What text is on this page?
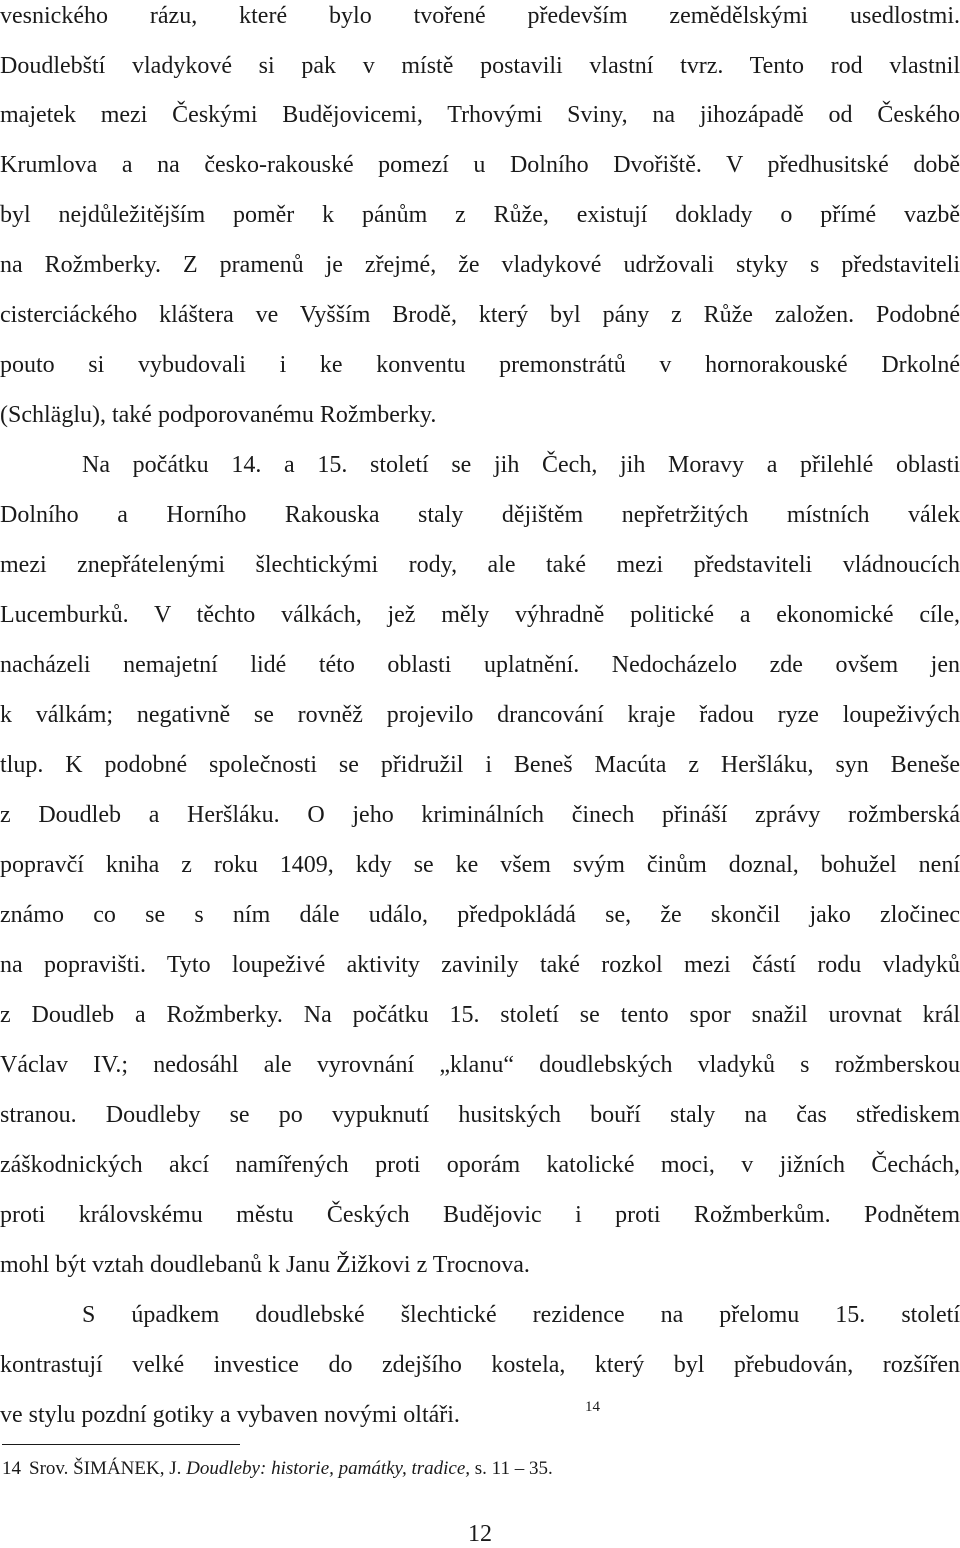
vesnického rázu, které bylo tvořené především zemědělskými usedlostmi.
Doudlebští vladykové si pak v místě postavili vlastní tvrz. Tento rod vlastnil
majetek mezi Českými Budějovicemi, Trhovými Sviny, na jihozápadě od Českého
Krumlova a na česko-rakouské pomezí u Dolního Dvořiště. V předhusitské době
byl nejdůležitějším poměr k pánům z Růže, existují doklady o přímé vazbě
na Rožmberky. Z pramenů je zřejmé, že vladykové udržovali styky s představiteli
cisterciáckého kláštera ve Vyšším Brodě, který byl pány z Růže založen. Podobné
pouto si vybudovali i ke konventu premonstrátů v hornorakouské Drkolné
(Schläglu), také podporovanému Rožmberky.
Na počátku 14. a 15. století se jih Čech, jih Moravy a přilehlé oblasti
Dolního a Horního Rakouska staly dějištěm nepřetržitých místních válek
mezi znepřátelenými šlechtickými rody, ale také mezi představiteli vládnoucích
Lucemburků. V těchto válkách, jež měly výhradně politické a ekonomické cíle,
nacházeli nemajetní lidé této oblasti uplatnění. Nedocházelo zde ovšem jen
k válkám; negativně se rovněž projevilo drancování kraje řadou ryze loupeživých
tlup. K podobné společnosti se přidružil i Beneš Macúta z Heršláku, syn Beneše
z Doudleb a Heršláku. O jeho kriminálních činech přináší zprávy rožmberská
popravčí kniha z roku 1409, kdy se ke všem svým činům doznal, bohužel není
známo co se s ním dále událo, předpokládá se, že skončil jako zločinec
na popravišti. Tyto loupeživé aktivity zavinily také rozkol mezi částí rodu vladyků
z Doudleb a Rožmberky. Na počátku 15. století se tento spor snažil urovnat král
Václav IV.; nedosáhl ale vyrovnání „klanu“ doudlebských vladyků s rožmberskou
stranou. Doudleby se po vypuknutí husitských bouří staly na čas střediskem
záškodnických akcí namířených proti oporám katolické moci, v jižních Čechách,
proti královskému městu Českých Budějovic i proti Rožmberkům. Podnětem
mohl být vztah doudlebanů k Janu Žižkovi z Trocnova.
S úpadkem doudlebské šlechtické rezidence na přelomu 15. století
kontrastují velké investice do zdejšího kostela, který byl přebudován, rozšířen
ve stylu pozdní gotiky a vybaven novými oltáři.	14
14 Srov. ŠIMÁNEK, J. Doudleby: historie, památky, tradice, s. 11 – 35.
12
